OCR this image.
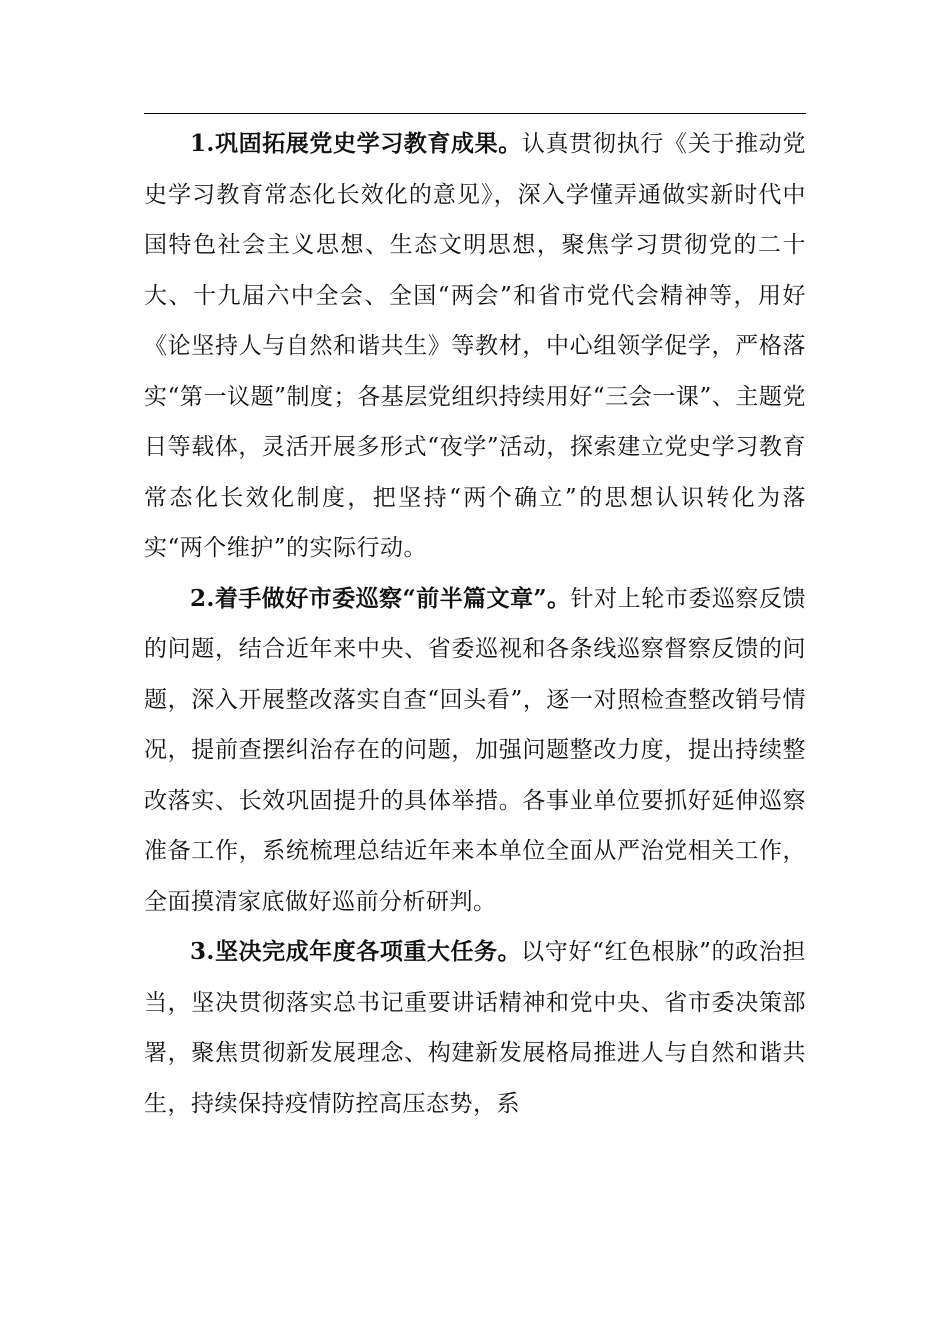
1.巩固拓展党史学习教育成果。认真贯彻执行《关于推动党史学习教育常态化长效化的意见》，深入学懂弄通做实新时代中国特色社会主义思想、生态文明思想，聚焦学习贯彻党的二十大、十九届六中全会、全国“两会”和省市党代会精神等，用好《论坚持人与自然和谐共生》等教材，中心组领学促学，严格落实“第一议题”制度；各基层党组织持续用好“三会一课”、主题党日等载体，灵活开展多形式“夜学”活动，探索建立党史学习教育常态化长效化制度，把坚持“两个确立”的思想认识转化为落实“两个维护”的实际行动。

2.着手做好市委巡察“前半篇文章”。针对上轮市委巡察反馈的问题，结合近年来中央、省委巡视和各条线巡察督察反馈的问题，深入开展整改落实自查“回头看”，逐一对照检查整改销号情况，提前查摆纠治存在的问题，加强问题整改力度，提出持续整改落实、长效巩固提升的具体举措。各事业单位要抓好延伸巡察准备工作，系统梳理总结近年来本单位全面从严治党相关工作，全面摸清家底做好巡前分析研判。

3.坚决完成年度各项重大任务。以守好“红色根脉”的政治担当，坚决贯彻落实总书记重要讲话精神和党中央、省市委决策部署，聚焦贯彻新发展理念、构建新发展格局推进人与自然和谐共生，持续保持疫情防控高压态势，系
